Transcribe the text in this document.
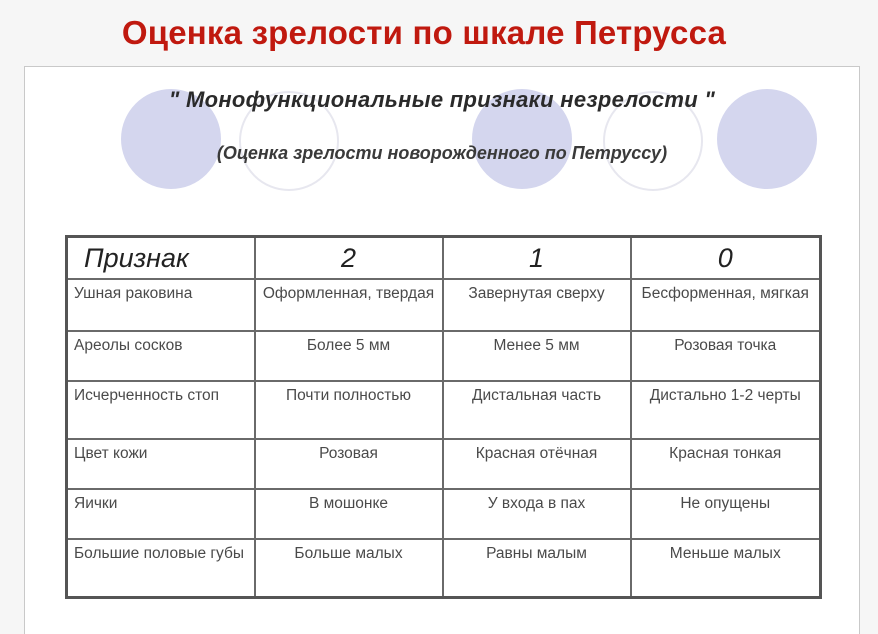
Оценка зрелости по шкале Петрусса
" Монофункциональные признаки незрелости "
(Оценка зрелости новорожденного по Петруссу)
Признак	2	1	0
Ушная раковина	Оформленная, твердая	Завернутая сверху	Бесформенная, мягкая
Ареолы сосков	Более 5 мм	Менее 5 мм	Розовая точка
Исчерченность стоп	Почти полностью	Дистальная часть	Дистально 1-2 черты
Цвет кожи	Розовая	Красная отёчная	Красная тонкая
Яички	В мошонке	У входа в пах	Не опущены
Большие половые губы	Больше малых	Равны малым	Меньше малых
